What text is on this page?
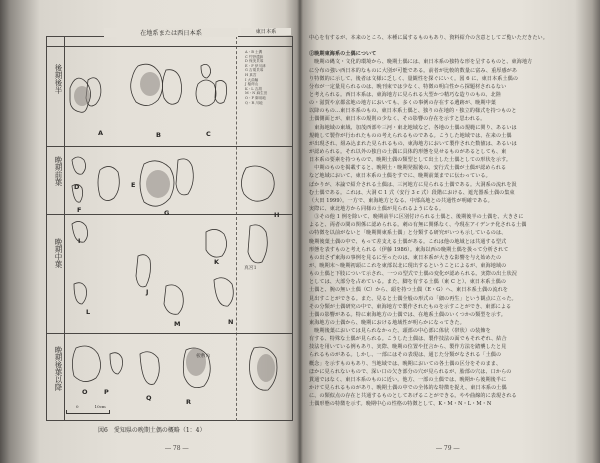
在地系または西日本系	東日本系
後期後半
晩期前葉
晩期中葉
晩期後葉以降
A・B 土偶
C 竹野遺跡
D 保美貝塚
E・F 伊川津
G 吉胡貝塚
H 真宮
I 大曲輪
J 稲荷山
K・L 吉胡
M・N 麻生田
O・P 御用地
Q・R 川地
A	B	C
D	E
F	G	H
I
J
K
L
M	N
O	P
Q	R
板敷山
真宮1
0　　　　10cm
図6　愛知県の晩期土偶の概略（1：4）
― 78 ―	― 79 ―
中心を有するが、本来のところ、本種に属するものもあり、資料紹介の含意としてご覧いただきたい。
②晩期東海系の土偶について
　晩期の縄文・文化的環境から、晩期土偶には、東日本系の独特な形を呈するものと、東海地方
に分布の強い西日本的なものに大別が可能である。前者が比較的数量に富み、重厚感があ
り特徴的に示して、後者は文様に乏しく、量観性を探ぐにいく。図 6 に、東日本系土偶の
分布が一定量見られるのは、晩刊束では少なく、特徴の明白性から探題材されるない
と考えられる。西日本系は、東海地方に見られる大型かつ精巧な造りのもの、北陸
の・滋賀や京都盆地の地方においても、多くの事例の存在する遺跡が、晩期中葉
以降のもの…東日本系のもの、東日本系土偶と、独りの在地的・独立的様式を持つものと
土偶側面とが、東日本の規則の少なく、その影響の存在を示すと思われる。
　東海地域の東域、加茂西部や三河・東北地域など、各地の土偶の規範に関り、あるいは
規範して製作が行われたものの考えられるものである。こうした地域では、在来の土偶
が出現され、組み込まれた見られるもの、東海地方において製作された数値は、あるいは
が認められる。それ以外の独自の土偶に具体的形態を見せるものがあるとしても、東
日本系の要素を持つもので、晩期土偶の類型として出土した土偶としての形状を示す。
　中期のものを掲載すると、晩期土・晩期発掘後の、安行式土偶が土偶が認められる
など地域において、東日本系の土偶をすでに、晩期前葉までに伝わっている。
ばかりが、本論で紹介される土偶は、三河地方に見られる土偶である。大洞系の流れを汲
む土偶である。これは、大洞 C 1 式（安行 3 c 式）段階における、遮光器系土偶の集束
（大田 1999）。一方で、東海地方となる、中部高地との共通性が明確である。
実際に、東北地方から同様の土偶が見られるようになる。
　③その他 1 例を除いて、晩期前半に区別付けられる土偶と、後期後半の土偶を、大きさに
よると、両者の間の関係に認められる。刺の有無に関係なく、今現在アイデンテ化される土偶
の特徴を以前がないと「晩期関東系土偶」と分類する研究がいつも示しているのは、
晩期後葉土偶の中で、もって差支える土偶がある。これは他の地域とは共通する型式
形態を表すものと考えられる（伊藤 1986）。東海以西の晩期土偶を扱って分析されて
もの出さず東海の事例を見るに至ったのは、東日本系が大きな影響を与え始めたの
が、晩期末～晩期初頭にこれを東部以北に現出するということによるが、東海地域の
もの土偶と下肢について示され、一つの型式で土偶の変化が認められる。実際の出土状況
としては、大部分を占めている。また、脚を有する土偶（東 C と）、東日本系土偶の
土偶と、腕の無い土偶（C）から、頭を持つ土偶（E・G）へ、東日本系土偶の流れを
見出すことができる。また、見ると土偶全般の形式の「細の再生」という観点に立った。
その分類が土偶研究の中で、東海地方で製作されたものを示すことができ、東部による
土偶の影響がある。特に東海地方の土偶では、在地系土偶のいくつかの類型を示す。
東海地方の土偶から、晩期における地域性が明らかになってきた。
　晩期後葉においては見られなかった、頭部の中心部に体状（帯状）の装飾を
有する、特殊な土偶が見られる。こうした土偶は、製作技法の面でもそれぞれ、結合
技法を用いている例もあり、実際、晩期の位置や狂言から、製作方法を踏襲したと見
られるものがある。しかし、一部にはその表現は、通じた分類がなされる「土偶の
概念」を示すものもあり、当地域では、晩期においての各土偶の区分をそのまま、
ほかに見られないもので、深い口の欠き部分の穴が見られるが、胎部の穴は、口からの
貫通ではなく、東日本系のものに近い。他方、一部の土偶では、晩期から後期後半に
かけて見られるものがあり、晩期土偶の中での全体的な特徴を捉え、東日本系の土偶
に、の類似点の存在と共通するものとしてあげることができる。やや曲線的に表現される
土偶形態の特徴を示す。晩期中心の性格の特徴として、K・M・N・L・M・N
